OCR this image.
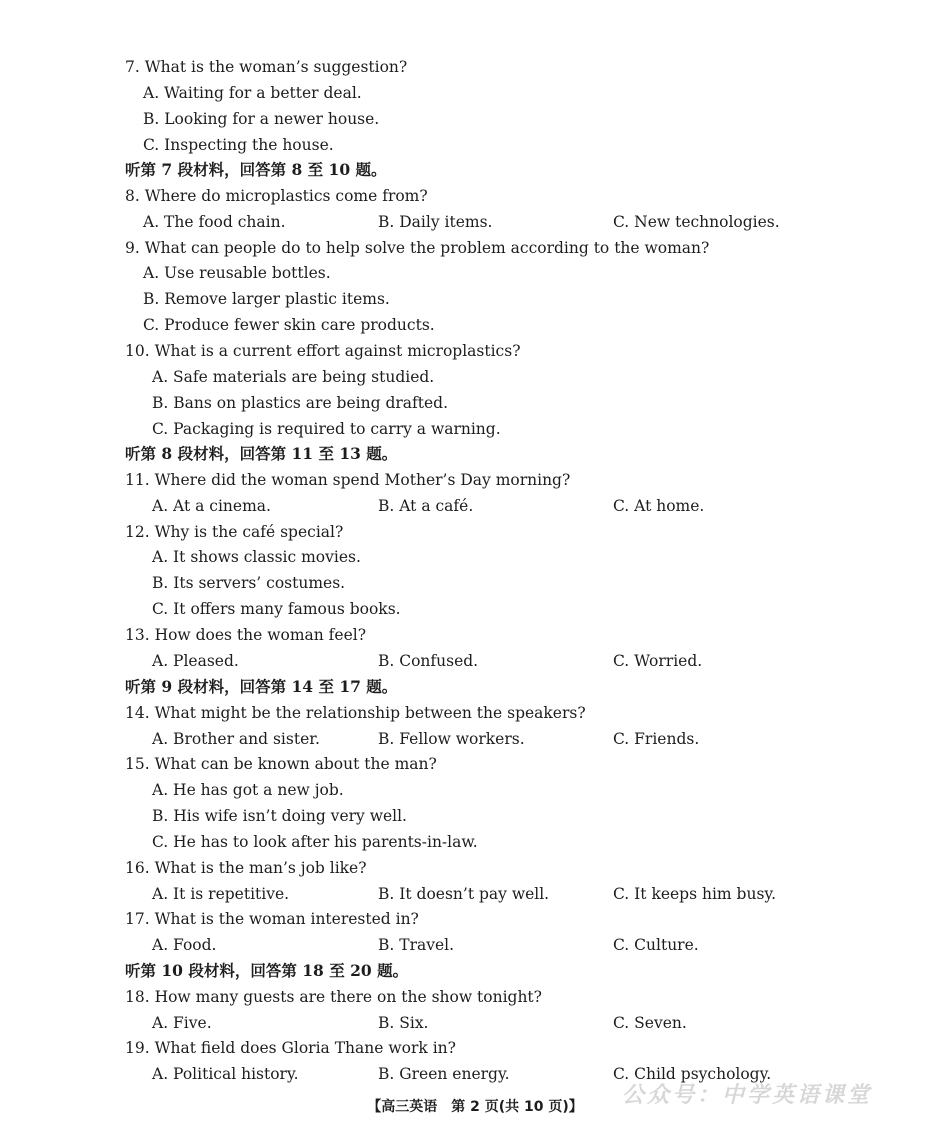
7. What is the woman’s suggestion?
A. Waiting for a better deal.
B. Looking for a newer house.
C. Inspecting the house.
听第 7 段材料，回答第 8 至 10 题。
8. Where do microplastics come from?
A. The food chain.	B. Daily items.	C. New technologies.
9. What can people do to help solve the problem according to the woman?
A. Use reusable bottles.
B. Remove larger plastic items.
C. Produce fewer skin care products.
10. What is a current effort against microplastics?
A. Safe materials are being studied.
B. Bans on plastics are being drafted.
C. Packaging is required to carry a warning.
听第 8 段材料，回答第 11 至 13 题。
11. Where did the woman spend Mother’s Day morning?
A. At a cinema.	B. At a café.	C. At home.
12. Why is the café special?
A. It shows classic movies.
B. Its servers’ costumes.
C. It offers many famous books.
13. How does the woman feel?
A. Pleased.	B. Confused.	C. Worried.
听第 9 段材料，回答第 14 至 17 题。
14. What might be the relationship between the speakers?
A. Brother and sister.	B. Fellow workers.	C. Friends.
15. What can be known about the man?
A. He has got a new job.
B. His wife isn’t doing very well.
C. He has to look after his parents-in-law.
16. What is the man’s job like?
A. It is repetitive.	B. It doesn’t pay well.	C. It keeps him busy.
17. What is the woman interested in?
A. Food.	B. Travel.	C. Culture.
听第 10 段材料，回答第 18 至 20 题。
18. How many guests are there on the show tonight?
A. Five.	B. Six.	C. Seven.
19. What field does Gloria Thane work in?
A. Political history.	B. Green energy.	C. Child psychology.
公众号：中学英语课堂
【高三英语　第 2 页(共 10 页)】
